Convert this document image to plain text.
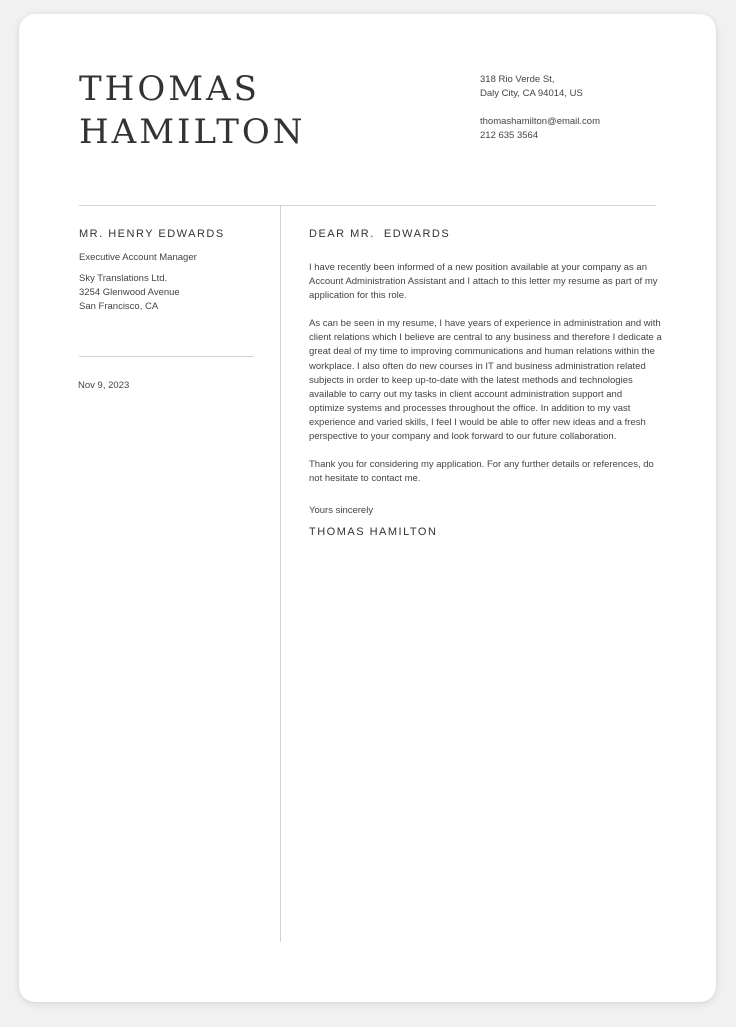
THOMAS
HAMILTON
318 Rio Verde St,
Daly City, CA 94014, US
thomashamilton@email.com
212 635 3564
MR. HENRY EDWARDS
Executive Account Manager
Sky Translations Ltd.
3254 Glenwood Avenue
San Francisco, CA
Nov 9, 2023
DEAR MR.  EDWARDS
I have recently been informed of a new position available at your company as an
Account Administration Assistant and I attach to this letter my resume as part of my
application for this role.
As can be seen in my resume, I have years of experience in administration and with
client relations which I believe are central to any business and therefore I dedicate a
great deal of my time to improving communications and human relations within the
workplace. I also often do new courses in IT and business administration related
subjects in order to keep up-to-date with the latest methods and technologies
available to carry out my tasks in client account administration support and
optimize systems and processes throughout the office. In addition to my vast
experience and varied skills, I feel I would be able to offer new ideas and a fresh
perspective to your company and look forward to our future collaboration.
Thank you for considering my application. For any further details or references, do
not hesitate to contact me.
Yours sincerely
THOMAS HAMILTON
